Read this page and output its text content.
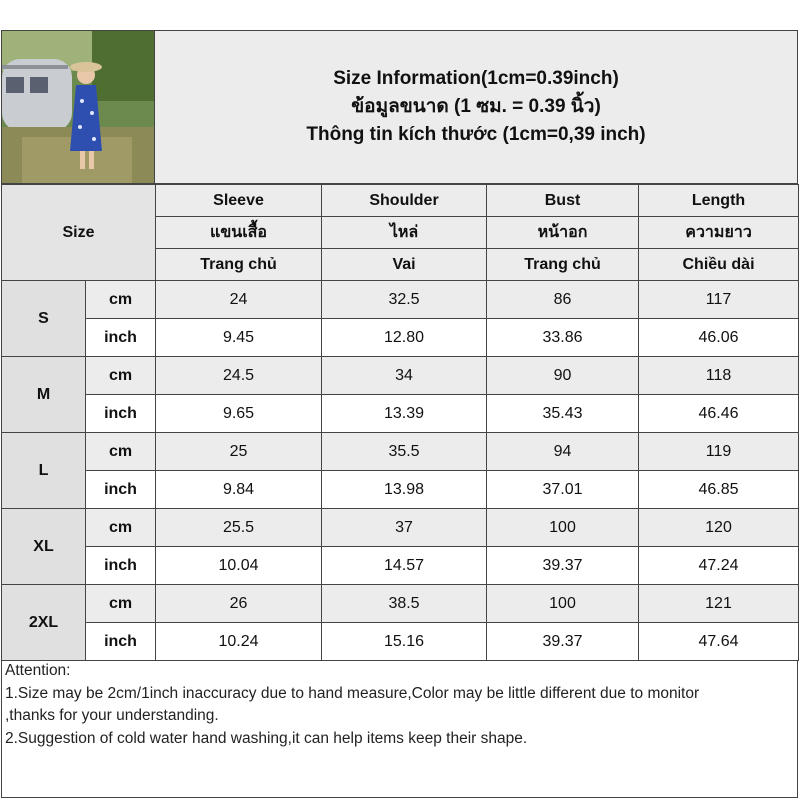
Size Information(1cm=0.39inch)
ข้อมูลขนาด (1 ซม. = 0.39 นิ้ว)
Thông tin kích thước (1cm=0,39 inch)
Size		Sleeve	Shoulder	Bust	Length
		แขนเสื้อ	ไหล่	หน้าอก	ความยาว
		Trang chủ	Vai	Trang chủ	Chiều dài
S	cm	24	32.5	86	117
	inch	9.45	12.80	33.86	46.06
M	cm	24.5	34	90	118
	inch	9.65	13.39	35.43	46.46
L	cm	25	35.5	94	119
	inch	9.84	13.98	37.01	46.85
XL	cm	25.5	37	100	120
	inch	10.04	14.57	39.37	47.24
2XL	cm	26	38.5	100	121
	inch	10.24	15.16	39.37	47.64
Attention:
1.Size may be 2cm/1inch inaccuracy due to hand measure,Color may be little different due to monitor
,thanks for your understanding.
2.Suggestion of cold water hand washing,it can help items keep their shape.
